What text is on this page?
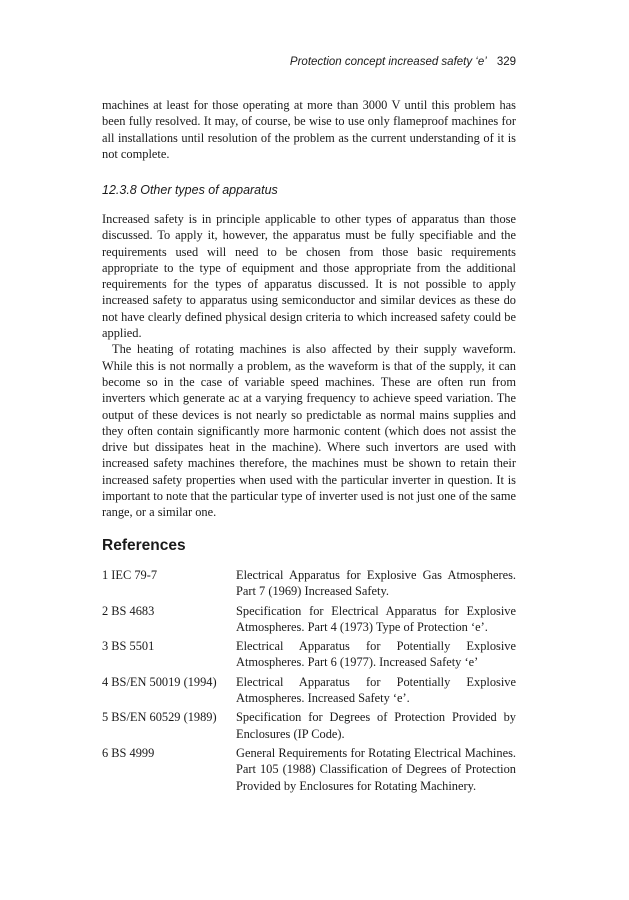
Protection concept increased safety ‘e’ 329

machines at least for those operating at more than 3000 V until this problem has been fully resolved. It may, of course, be wise to use only flameproof machines for all installations until resolution of the problem as the current understanding of it is not complete.

12.3.8 Other types of apparatus

Increased safety is in principle applicable to other types of apparatus than those discussed. To apply it, however, the apparatus must be fully specifiable and the requirements used will need to be chosen from those basic requirements appropriate to the type of equipment and those appropriate from the additional requirements for the types of apparatus discussed. It is not possible to apply increased safety to apparatus using semiconductor and similar devices as these do not have clearly defined physical design criteria to which increased safety could be applied.

The heating of rotating machines is also affected by their supply waveform. While this is not normally a problem, as the waveform is that of the supply, it can become so in the case of variable speed machines. These are often run from inverters which generate ac at a varying frequency to achieve speed variation. The output of these devices is not nearly so predictable as normal mains supplies and they often contain significantly more harmonic content (which does not assist the drive but dissipates heat in the machine). Where such invertors are used with increased safety machines therefore, the machines must be shown to retain their increased safety properties when used with the particular inverter in question. It is important to note that the particular type of inverter used is not just one of the same range, or a similar one.

References
1 IEC 79-7	Electrical Apparatus for Explosive Gas Atmospheres. Part 7 (1969) Increased Safety.
2 BS 4683	Specification for Electrical Apparatus for Explosive Atmospheres. Part 4 (1973) Type of Protection ‘e’.
3 BS 5501	Electrical Apparatus for Potentially Explosive Atmospheres. Part 6 (1977). Increased Safety ‘e’
4 BS/EN 50019 (1994)	Electrical Apparatus for Potentially Explosive Atmospheres. Increased Safety ‘e’.
5 BS/EN 60529 (1989)	Specification for Degrees of Protection Provided by Enclosures (IP Code).
6 BS 4999	General Requirements for Rotating Electrical Machines. Part 105 (1988) Classification of Degrees of Protection Provided by Enclosures for Rotating Machinery.
